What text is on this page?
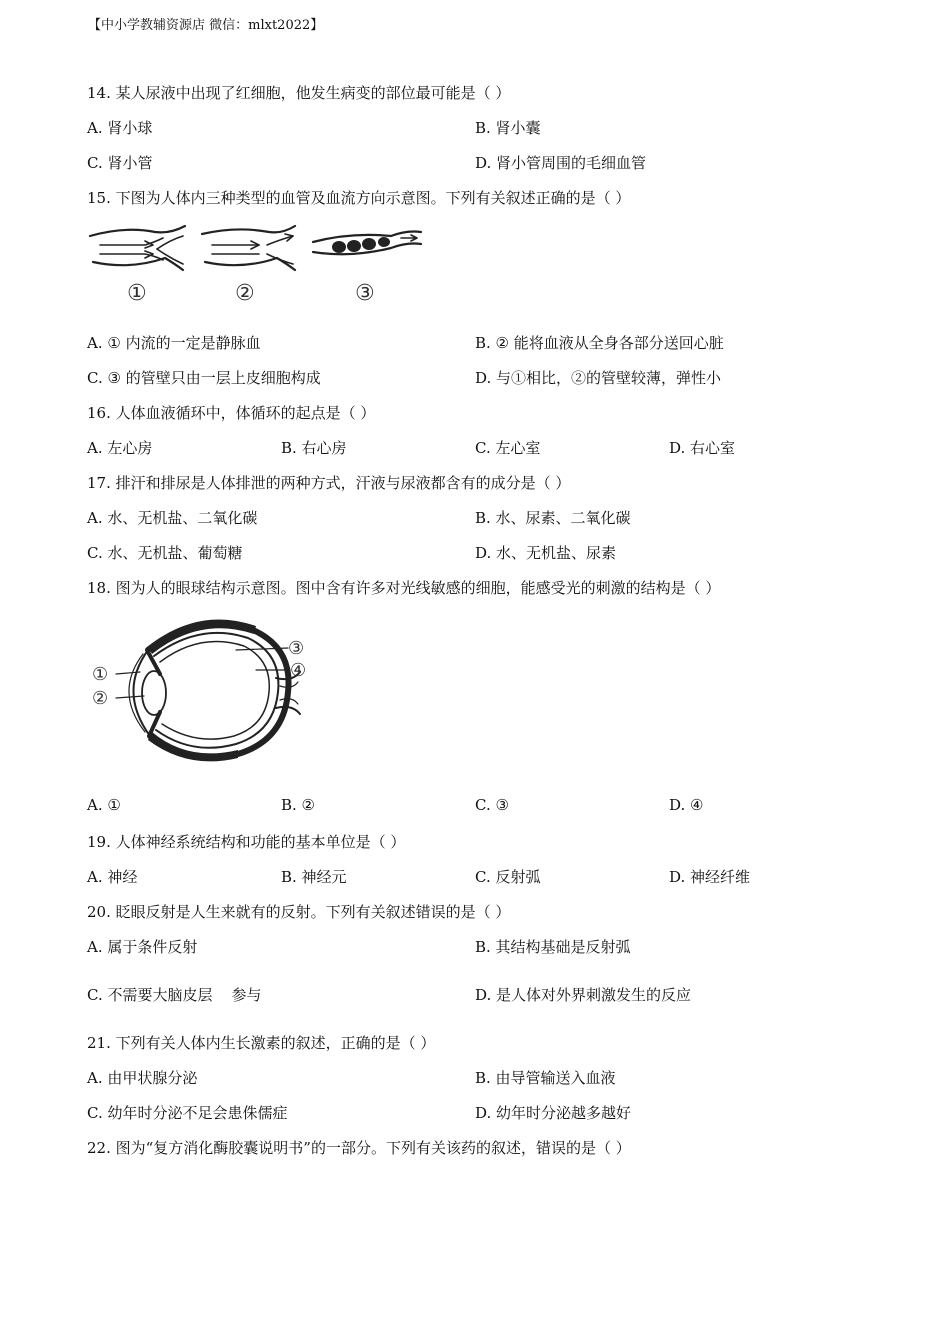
【中小学教辅资源店 微信：mlxt2022】
14. 某人尿液中出现了红细胞，他发生病变的部位最可能是（ ）
A. 肾小球	B. 肾小囊
C. 肾小管	D. 肾小管周围的毛细血管
15. 下图为人体内三种类型的血管及血流方向示意图。下列有关叙述正确的是（ ）
①	②	③
A. ① 内流的一定是静脉血	B. ② 能将血液从全身各部分送回心脏
C. ③ 的管壁只由一层上皮细胞构成	D. 与①相比，②的管壁较薄，弹性小
16. 人体血液循环中，体循环的起点是（ ）
A. 左心房	B. 右心房	C. 左心室	D. 右心室
17. 排汗和排尿是人体排泄的两种方式，汗液与尿液都含有的成分是（ ）
A. 水、无机盐、二氧化碳	B. 水、尿素、二氧化碳
C. 水、无机盐、葡萄糖	D. 水、无机盐、尿素
18. 图为人的眼球结构示意图。图中含有许多对光线敏感的细胞，能感受光的刺激的结构是（ ）
①
②
③
④
A. ①	B. ②	C. ③	D. ④
19. 人体神经系统结构和功能的基本单位是（ ）
A. 神经	B. 神经元	C. 反射弧	D. 神经纤维
20. 眨眼反射是人生来就有的反射。下列有关叙述错误的是（ ）
A. 属于条件反射	B. 其结构基础是反射弧
C. 不需要大脑皮层    参与	D. 是人体对外界刺激发生的反应
21. 下列有关人体内生长激素的叙述，正确的是（ ）
A. 由甲状腺分泌	B. 由导管输送入血液
C. 幼年时分泌不足会患侏儒症	D. 幼年时分泌越多越好
22. 图为“复方消化酶胶囊说明书”的一部分。下列有关该药的叙述，错误的是（ ）
